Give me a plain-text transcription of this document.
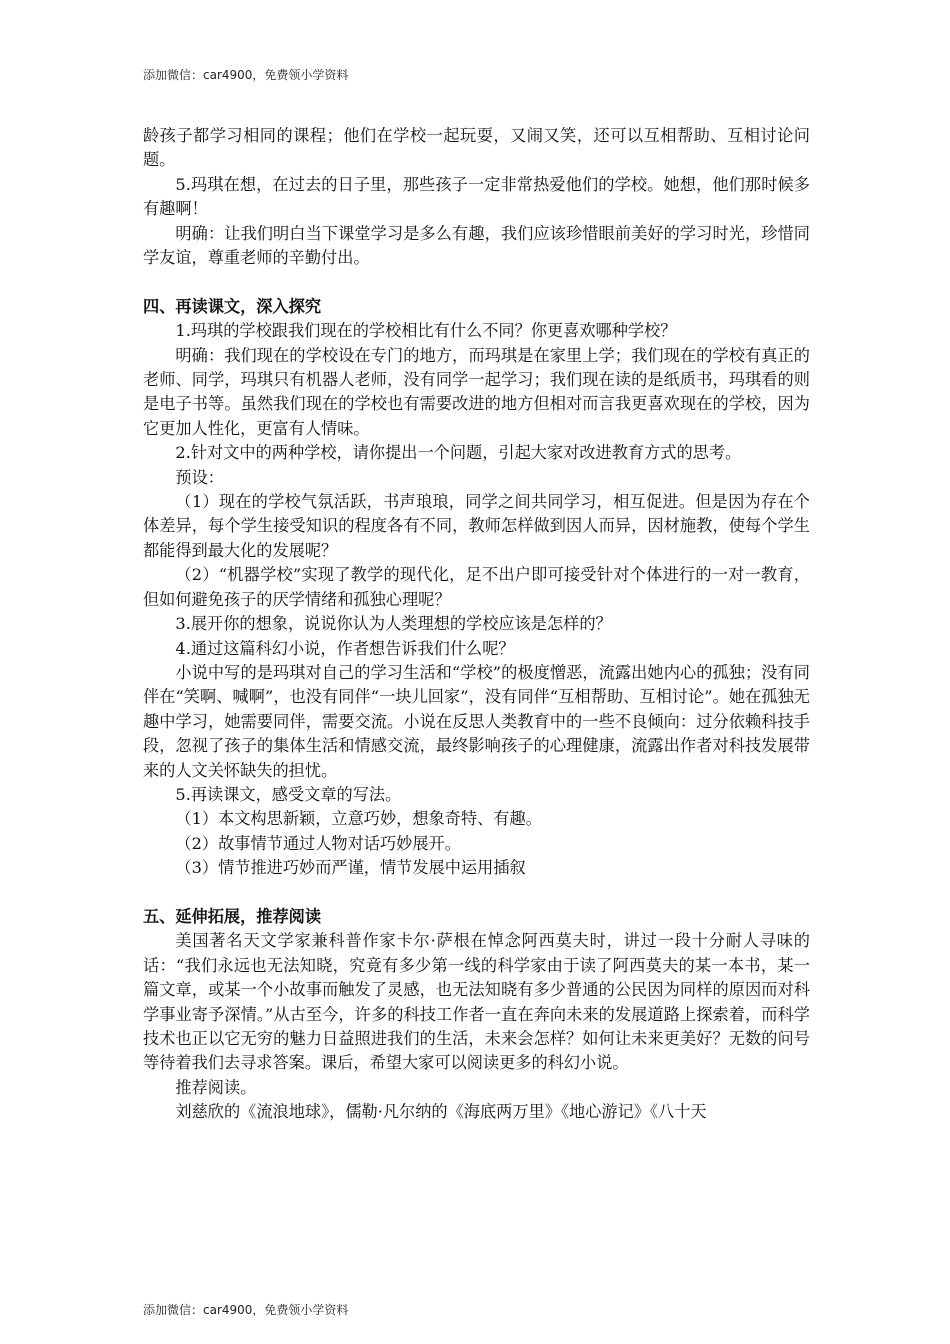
添加微信：car4900，免费领小学资料

龄孩子都学习相同的课程；他们在学校一起玩耍，又闹又笑，还可以互相帮助、互相讨论问题。

5.玛琪在想，在过去的日子里，那些孩子一定非常热爱他们的学校。她想，他们那时候多有趣啊！

明确：让我们明白当下课堂学习是多么有趣，我们应该珍惜眼前美好的学习时光，珍惜同学友谊，尊重老师的辛勤付出。

四、再读课文，深入探究

1.玛琪的学校跟我们现在的学校相比有什么不同？你更喜欢哪种学校？

明确：我们现在的学校设在专门的地方，而玛琪是在家里上学；我们现在的学校有真正的老师、同学，玛琪只有机器人老师，没有同学一起学习；我们现在读的是纸质书，玛琪看的则是电子书等。虽然我们现在的学校也有需要改进的地方但相对而言我更喜欢现在的学校，因为它更加人性化，更富有人情味。

2.针对文中的两种学校，请你提出一个问题，引起大家对改进教育方式的思考。

预设：

（1）现在的学校气氛活跃，书声琅琅，同学之间共同学习，相互促进。但是因为存在个体差异，每个学生接受知识的程度各有不同，教师怎样做到因人而异，因材施教，使每个学生都能得到最大化的发展呢？

（2）“机器学校”实现了教学的现代化，足不出户即可接受针对个体进行的一对一教育，但如何避免孩子的厌学情绪和孤独心理呢？

3.展开你的想象，说说你认为人类理想的学校应该是怎样的？

4.通过这篇科幻小说，作者想告诉我们什么呢？

小说中写的是玛琪对自己的学习生活和“学校”的极度憎恶，流露出她内心的孤独；没有同伴在“笑啊、喊啊”，也没有同伴“一块儿回家”，没有同伴“互相帮助、互相讨论”。她在孤独无趣中学习，她需要同伴，需要交流。小说在反思人类教育中的一些不良倾向：过分依赖科技手段，忽视了孩子的集体生活和情感交流，最终影响孩子的心理健康，流露出作者对科技发展带来的人文关怀缺失的担忧。

5.再读课文，感受文章的写法。

（1）本文构思新颖，立意巧妙，想象奇特、有趣。

（2）故事情节通过人物对话巧妙展开。

（3）情节推进巧妙而严谨，情节发展中运用插叙

五、延伸拓展，推荐阅读

美国著名天文学家兼科普作家卡尔·萨根在悼念阿西莫夫时，讲过一段十分耐人寻味的话：“我们永远也无法知晓，究竟有多少第一线的科学家由于读了阿西莫夫的某一本书，某一篇文章，或某一个小故事而触发了灵感，也无法知晓有多少普通的公民因为同样的原因而对科学事业寄予深情。”从古至今，许多的科技工作者一直在奔向未来的发展道路上探索着，而科学技术也正以它无穷的魅力日益照进我们的生活，未来会怎样？如何让未来更美好？无数的问号等待着我们去寻求答案。课后，希望大家可以阅读更多的科幻小说。

推荐阅读。

刘慈欣的《流浪地球》，儒勒·凡尔纳的《海底两万里》《地心游记》《八十天

添加微信：car4900，免费领小学资料
